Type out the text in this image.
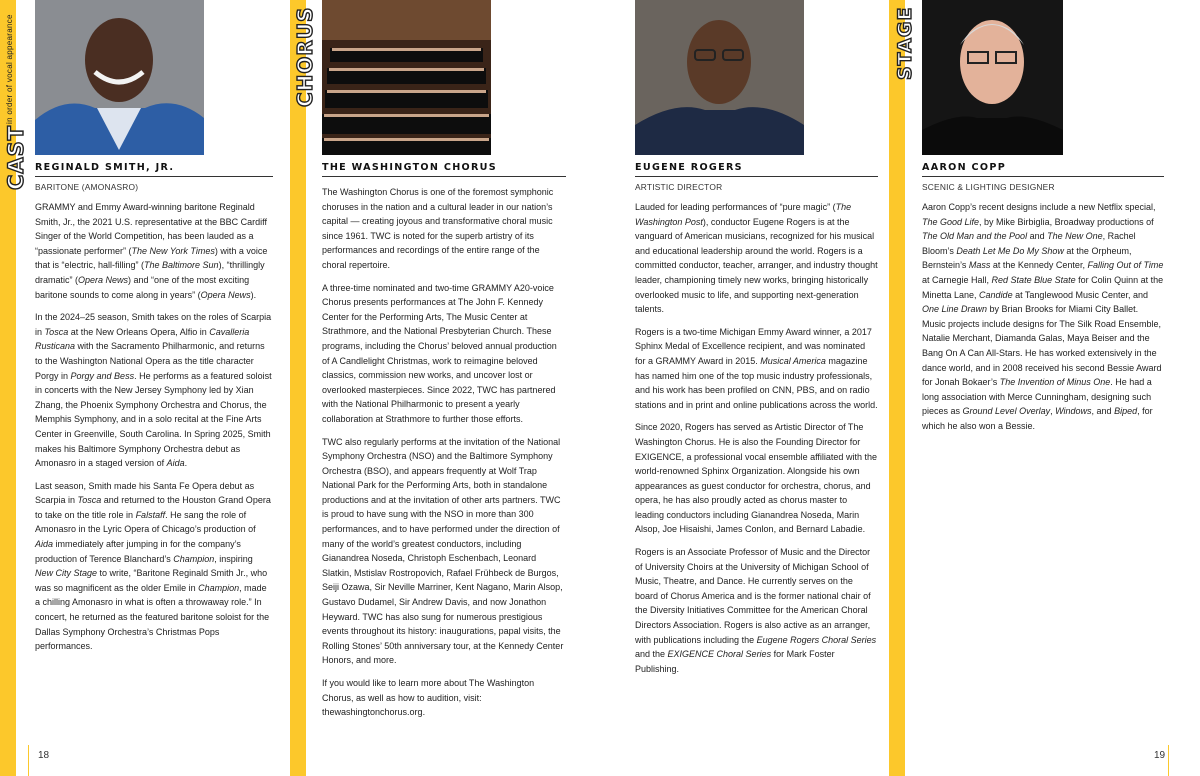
CAST
in order of vocal appearance	CHORUS	STAGE
REGINALD SMITH, JR.
BARITONE (AMONASRO)

GRAMMY and Emmy Award-winning baritone Reginald Smith, Jr., the 2021 U.S. representative at the BBC Cardiff Singer of the World Competition, has been lauded as a “passionate performer” (The New York Times) with a voice that is “electric, hall-filling” (The Baltimore Sun), “thrillingly dramatic” (Opera News) and “one of the most exciting baritone sounds to come along in years” (Opera News).

In the 2024–25 season, Smith takes on the roles of Scarpia in Tosca at the New Orleans Opera, Alfio in Cavalleria Rusticana with the Sacramento Philharmonic, and returns to the Washington National Opera as the title character Porgy in Porgy and Bess. He performs as a featured soloist in concerts with the New Jersey Symphony led by Xian Zhang, the Phoenix Symphony Orchestra and Chorus, the Memphis Symphony, and in a solo recital at the Fine Arts Center in Greenville, South Carolina. In Spring 2025, Smith makes his Baltimore Symphony Orchestra debut as Amonasro in a staged version of Aida.

Last season, Smith made his Santa Fe Opera debut as Scarpia in Tosca and returned to the Houston Grand Opera to take on the title role in Falstaff. He sang the role of Amonasro in the Lyric Opera of Chicago’s production of Aida immediately after jumping in for the company’s production of Terence Blanchard’s Champion, inspiring New City Stage to write, “Baritone Reginald Smith Jr., who was so magnificent as the older Emile in Champion, made a chilling Amonasro in what is often a throwaway role.” In concert, he returned as the featured baritone soloist for the Dallas Symphony Orchestra’s Christmas Pops performances.

THE WASHINGTON CHORUS

The Washington Chorus is one of the foremost symphonic choruses in the nation and a cultural leader in our nation’s capital — creating joyous and transformative choral music since 1961. TWC is noted for the superb artistry of its performances and recordings of the entire range of the choral repertoire.

A three-time nominated and two-time GRAMMY A20-voice Chorus presents performances at The John F. Kennedy Center for the Performing Arts, The Music Center at Strathmore, and the National Presbyterian Church. These programs, including the Chorus’ beloved annual production of A Candlelight Christmas, work to reimagine beloved classics, commission new works, and uncover lost or overlooked masterpieces. Since 2022, TWC has partnered with the National Philharmonic to present a yearly collaboration at Strathmore to further those efforts.

TWC also regularly performs at the invitation of the National Symphony Orchestra (NSO) and the Baltimore Symphony Orchestra (BSO), and appears frequently at Wolf Trap National Park for the Performing Arts, both in standalone productions and at the invitation of other arts partners. TWC is proud to have sung with the NSO in more than 300 performances, and to have performed under the direction of many of the world’s greatest conductors, including Gianandrea Noseda, Christoph Eschenbach, Leonard Slatkin, Mstislav Rostropovich, Rafael Frühbeck de Burgos, Seiji Ozawa, Sir Neville Marriner, Kent Nagano, Marin Alsop, Gustavo Dudamel, Sir Andrew Davis, and now Jonathon Heyward. TWC has also sung for numerous prestigious events throughout its history: inaugurations, papal visits, the Rolling Stones’ 50th anniversary tour, at the Kennedy Center Honors, and more.

If you would like to learn more about The Washington Chorus, as well as how to audition, visit: thewashingtonchorus.org.

EUGENE ROGERS
ARTISTIC DIRECTOR

Lauded for leading performances of “pure magic” (The Washington Post), conductor Eugene Rogers is at the vanguard of American musicians, recognized for his musical and educational leadership around the world. Rogers is a committed conductor, teacher, arranger, and industry thought leader, championing timely new works, bringing historically overlooked music to life, and supporting next-generation talents.

Rogers is a two-time Michigan Emmy Award winner, a 2017 Sphinx Medal of Excellence recipient, and was nominated for a GRAMMY Award in 2015. Musical America magazine has named him one of the top music industry professionals, and his work has been profiled on CNN, PBS, and on radio stations and in print and online publications across the world.

Since 2020, Rogers has served as Artistic Director of The Washington Chorus. He is also the Founding Director for EXIGENCE, a professional vocal ensemble affiliated with the world-renowned Sphinx Organization. Alongside his own appearances as guest conductor for orchestra, chorus, and opera, he has also proudly acted as chorus master to leading conductors including Gianandrea Noseda, Marin Alsop, Joe Hisaishi, James Conlon, and Bernard Labadie.

Rogers is an Associate Professor of Music and the Director of University Choirs at the University of Michigan School of Music, Theatre, and Dance. He currently serves on the board of Chorus America and is the former national chair of the Diversity Initiatives Committee for the American Choral Directors Association. Rogers is also active as an arranger, with publications including the Eugene Rogers Choral Series and the EXIGENCE Choral Series for Mark Foster Publishing.

AARON COPP
SCENIC & LIGHTING DESIGNER

Aaron Copp’s recent designs include a new Netflix special, The Good Life, by Mike Birbiglia, Broadway productions of The Old Man and the Pool and The New One, Rachel Bloom’s Death Let Me Do My Show at the Orpheum, Bernstein’s Mass at the Kennedy Center, Falling Out of Time at Carnegie Hall, Red State Blue State for Colin Quinn at the Minetta Lane, Candide at Tanglewood Music Center, and One Line Drawn by Brian Brooks for Miami City Ballet. Music projects include designs for The Silk Road Ensemble, Natalie Merchant, Diamanda Galas, Maya Beiser and the Bang On A Can All-Stars. He has worked extensively in the dance world, and in 2008 received his second Bessie Award for Jonah Bokaer’s The Invention of Minus One. He had a long association with Merce Cunningham, designing such pieces as Ground Level Overlay, Windows, and Biped, for which he also won a Bessie.

18	19
